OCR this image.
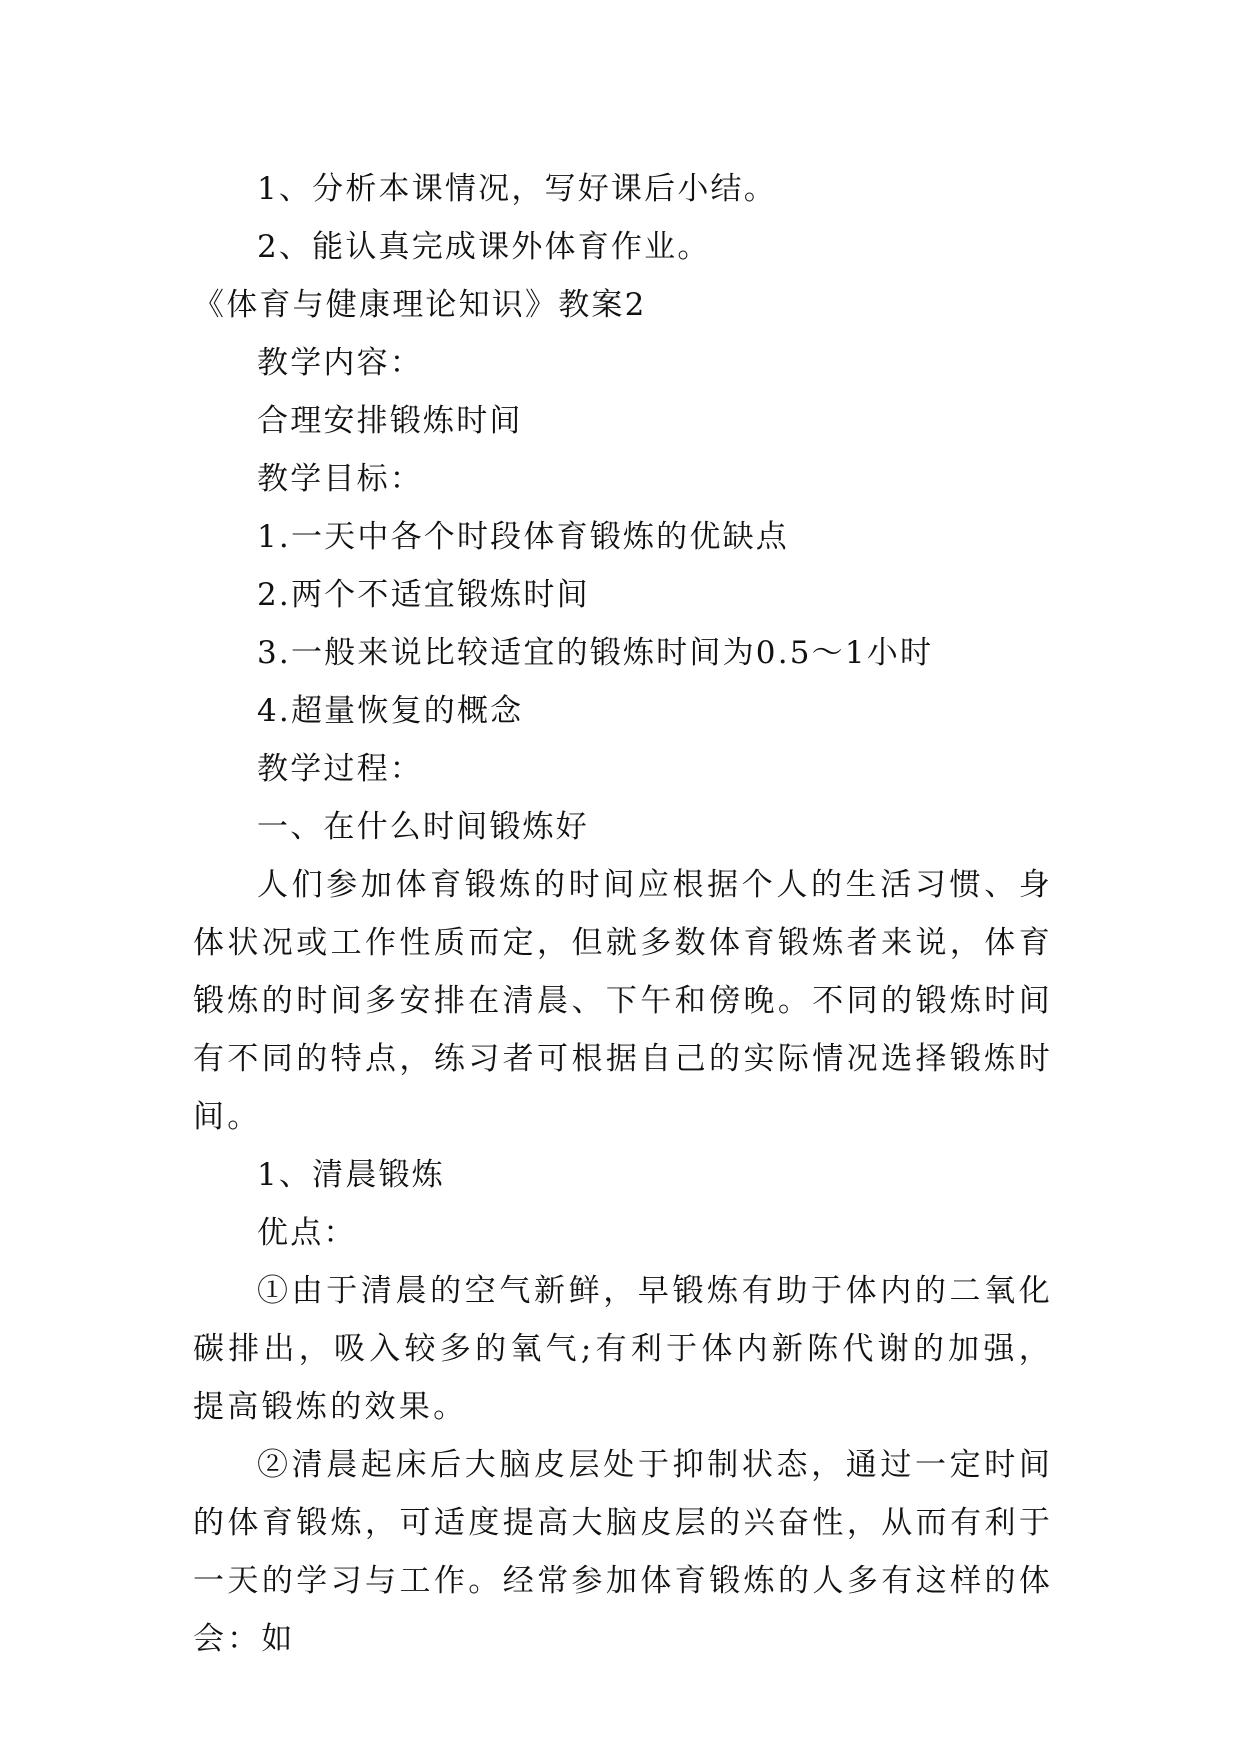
1、分析本课情况，写好课后小结。
2、能认真完成课外体育作业。
《体育与健康理论知识》教案2
教学内容：
合理安排锻炼时间
教学目标：
1.一天中各个时段体育锻炼的优缺点
2.两个不适宜锻炼时间
3.一般来说比较适宜的锻炼时间为0.5～1小时
4.超量恢复的概念
教学过程：
一、在什么时间锻炼好

人们参加体育锻炼的时间应根据个人的生活习惯、身体状况或工作性质而定，但就多数体育锻炼者来说，体育锻炼的时间多安排在清晨、下午和傍晚。不同的锻炼时间有不同的特点，练习者可根据自己的实际情况选择锻炼时间。

1、清晨锻炼
优点：

①由于清晨的空气新鲜，早锻炼有助于体内的二氧化碳排出，吸入较多的氧气;有利于体内新陈代谢的加强，提高锻炼的效果。

②清晨起床后大脑皮层处于抑制状态，通过一定时间的体育锻炼，可适度提高大脑皮层的兴奋性，从而有利于一天的学习与工作。经常参加体育锻炼的人多有这样的体会：如
